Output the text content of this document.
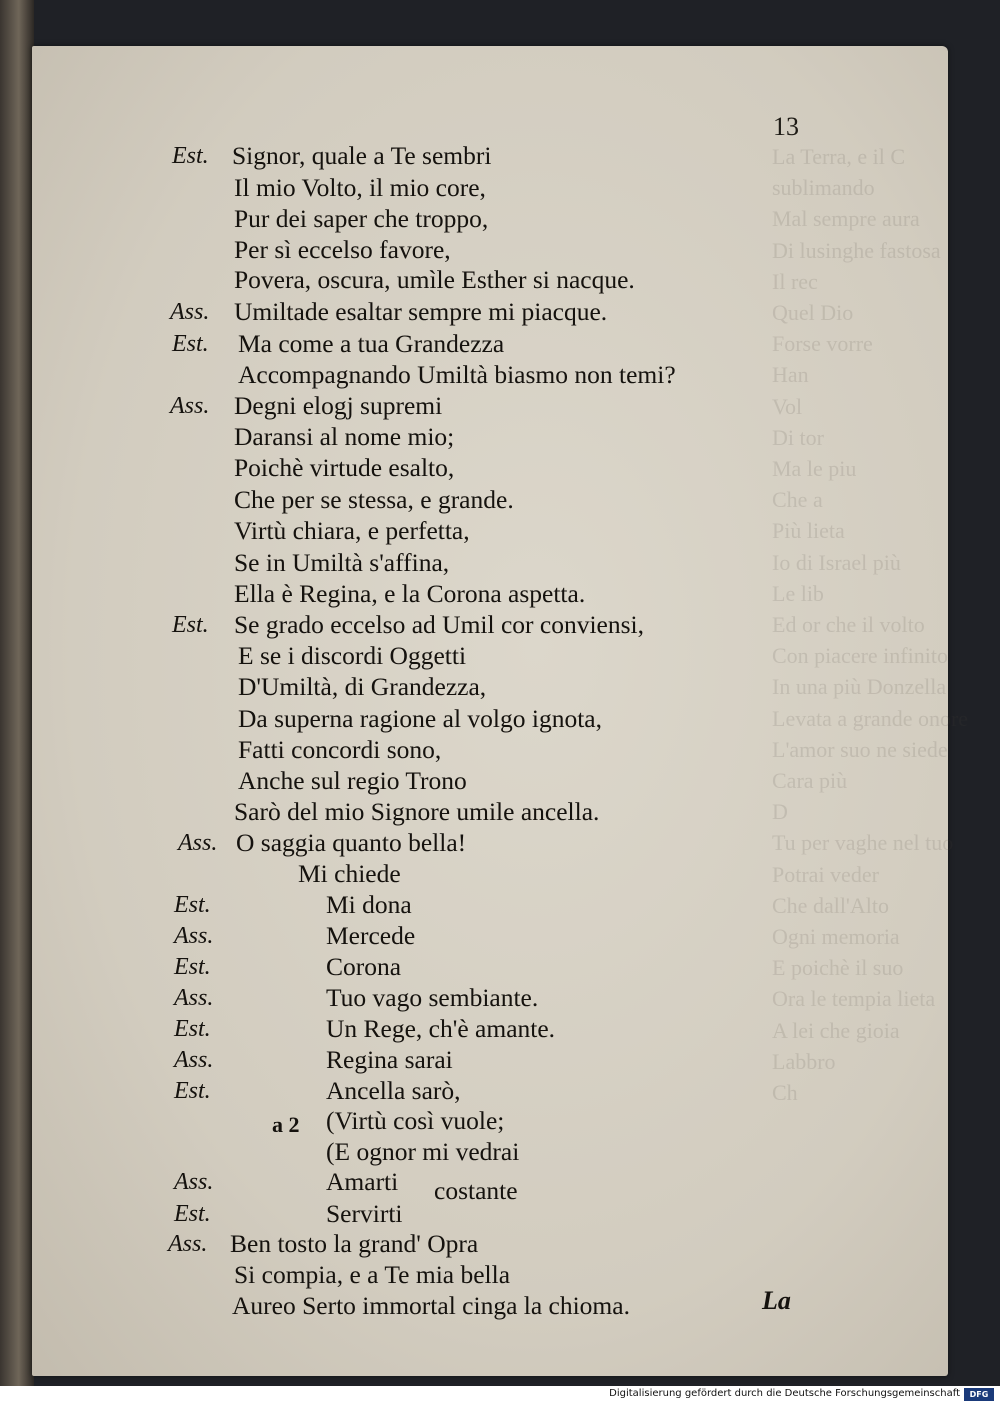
La Terra, e il C
sublimando
Mal sempre aura
Di lusinghe fastosa
Il rec
Quel Dio
Forse vorre
Han
Vol
Di tor
Ma le piu
Che a
Più lieta
Io di Israel più
Le lib
Ed or che il volto
Con piacere infinito
In una più Donzella
Levata a grande onore
L'amor suo ne siede
Cara più
D
Tu per vaghe nel tuo
Potrai veder
Che dall'Alto
Ogni memoria
E poichè il suo
Ora le tempia lieta
A lei che gioia
Labbro
Ch
13
Est. Signor, quale a Te sembri
Il mio Volto, il mio core,
Pur dei saper che troppo,
Per sì eccelso favore,
Povera, oscura, umìle Esther si nacque.
Ass. Umiltade esaltar sempre mi piacque.
Est. Ma come a tua Grandezza
Accompagnando Umiltà biasmo non temi?
Ass. Degni elogj supremi
Daransi al nome mio;
Poichè virtude esalto,
Che per se stessa, e grande.
Virtù chiara, e perfetta,
Se in Umiltà s'affina,
Ella è Regina, e la Corona aspetta.
Est. Se grado eccelso ad Umil cor conviensi,
E se i discordi Oggetti
D'Umiltà, di Grandezza,
Da superna ragione al volgo ignota,
Fatti concordi sono,
Anche sul regio Trono
Sarò del mio Signore umile ancella.
Ass. O saggia quanto bella!
Mi chiede
Est.	Mi dona
Ass.	Mercede
Est.	Corona
Ass.	Tuo vago sembiante.
Est.	Un Rege, ch'è amante.
Ass.	Regina sarai
Est.	Ancella sarò,
(Virtù così vuole;
(E ognor mi vedrai
Ass.	Amarti
Est.	Servirti
Ass. Ben tosto la grand' Opra
Si compia, e a Te mia bella
Aureo Serto immortal cinga la chioma.
a 2
costante
La
Digitalisierung gefördert durch die Deutsche Forschungsgemeinschaft	DFG
